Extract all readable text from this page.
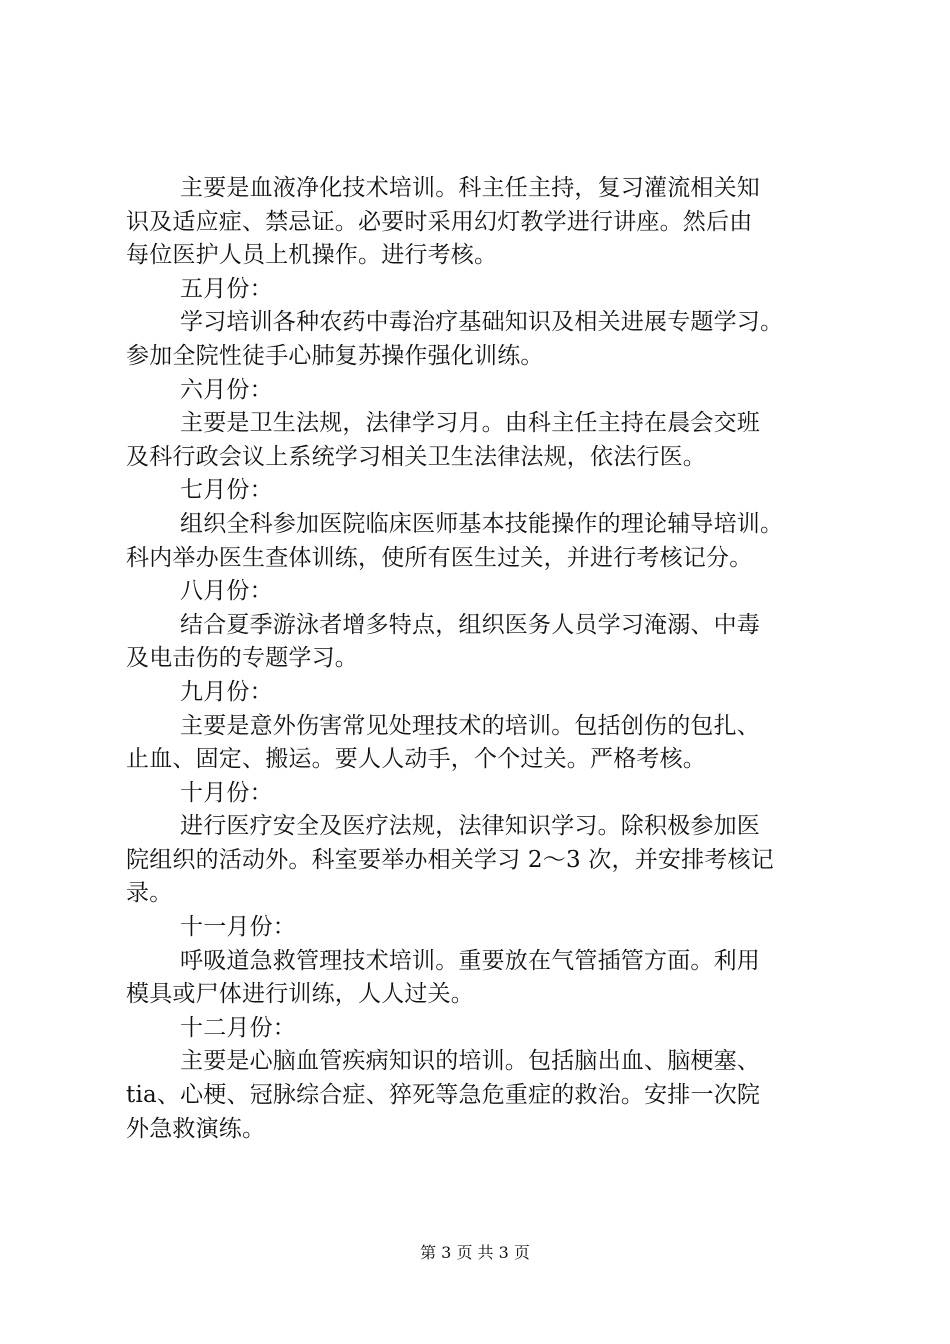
主要是血液净化技术培训。科主任主持，复习灌流相关知
识及适应症、禁忌证。必要时采用幻灯教学进行讲座。然后由
每位医护人员上机操作。进行考核。
五月份：
学习培训各种农药中毒治疗基础知识及相关进展专题学习。
参加全院性徒手心肺复苏操作强化训练。
六月份：
主要是卫生法规，法律学习月。由科主任主持在晨会交班
及科行政会议上系统学习相关卫生法律法规，依法行医。
七月份：
组织全科参加医院临床医师基本技能操作的理论辅导培训。
科内举办医生查体训练，使所有医生过关，并进行考核记分。
八月份：
结合夏季游泳者增多特点，组织医务人员学习淹溺、中毒
及电击伤的专题学习。
九月份：
主要是意外伤害常见处理技术的培训。包括创伤的包扎、
止血、固定、搬运。要人人动手，个个过关。严格考核。
十月份：
进行医疗安全及医疗法规，法律知识学习。除积极参加医
院组织的活动外。科室要举办相关学习 2～3 次，并安排考核记
录。
十一月份：
呼吸道急救管理技术培训。重要放在气管插管方面。利用
模具或尸体进行训练，人人过关。
十二月份：
主要是心脑血管疾病知识的培训。包括脑出血、脑梗塞、
tia、心梗、冠脉综合症、猝死等急危重症的救治。安排一次院
外急救演练。
第 3 页 共 3 页
